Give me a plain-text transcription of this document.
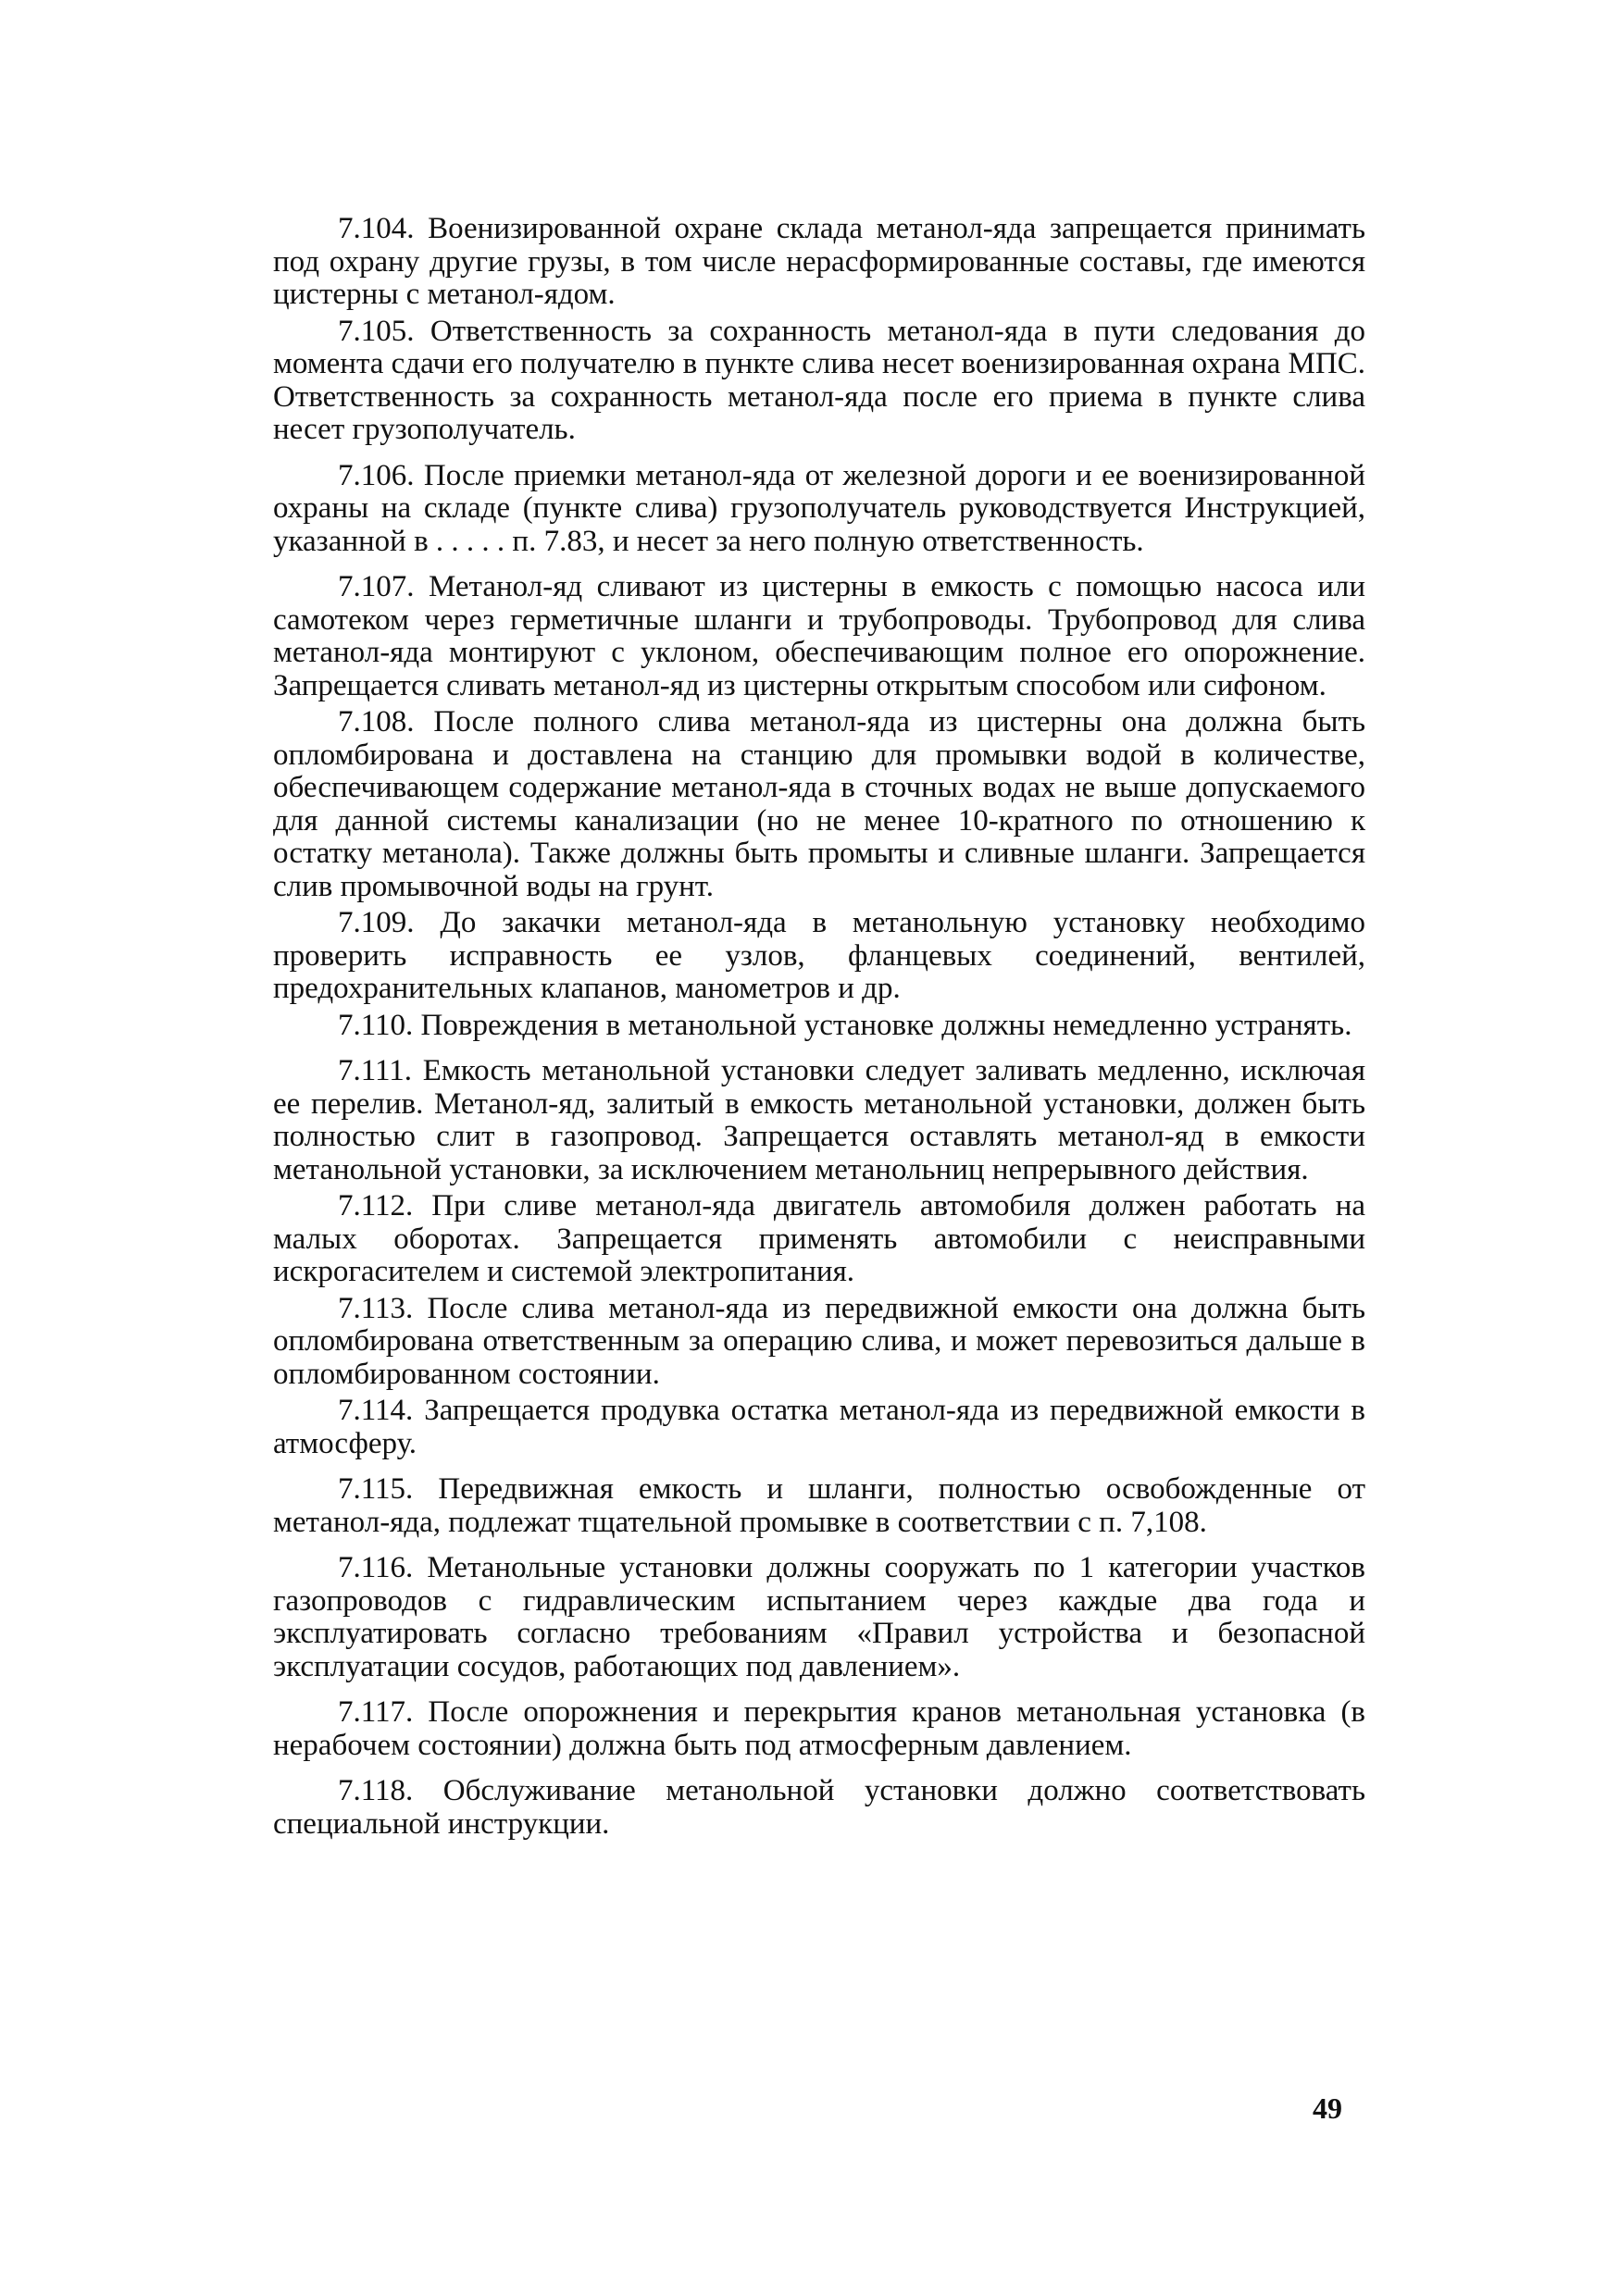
7.104. Военизированной охране склада метанол-яда запрещается принимать под охрану другие грузы, в том числе нерасформированные составы, где имеются цистерны с метанол-ядом.

7.105. Ответственность за сохранность метанол-яда в пути следования до момента сдачи его получателю в пункте слива несет военизированная охрана МПС. Ответственность за сохранность метанол-яда после его приема в пункте слива несет грузополучатель.

7.106. После приемки метанол-яда от железной дороги и ее военизированной охраны на складе (пункте слива) грузополучатель руководствуется Инструкцией, указанной в . . . . . п. 7.83, и несет за него полную ответственность.

7.107. Метанол-яд сливают из цистерны в емкость с помощью насоса или самотеком через герметичные шланги и трубопроводы. Трубопровод для слива метанол-яда монтируют с уклоном, обеспечивающим полное его опорожнение. Запрещается сливать метанол-яд из цистерны открытым способом или сифоном.

7.108. После полного слива метанол-яда из цистерны она должна быть опломбирована и доставлена на станцию для промывки водой в количестве, обеспечивающем содержание метанол-яда в сточных водах не выше допускаемого для данной системы канализации (но не менее 10-кратного по отношению к остатку метанола). Также должны быть промыты и сливные шланги. Запрещается слив промывочной воды на грунт.

7.109. До закачки метанол-яда в метанольную установку необходимо проверить исправность ее узлов, фланцевых соединений, вентилей, предохранительных клапанов, манометров и др.

7.110. Повреждения в метанольной установке должны немедленно устранять.

7.111. Емкость метанольной установки следует заливать медленно, исключая ее перелив. Метанол-яд, залитый в емкость метанольной установки, должен быть полностью слит в газопровод. Запрещается оставлять метанол-яд в емкости метанольной установки, за исключением метанольниц непрерывного действия.

7.112. При сливе метанол-яда двигатель автомобиля должен работать на малых оборотах. Запрещается применять автомобили с неисправными искрогасителем и системой электропитания.

7.113. После слива метанол-яда из передвижной емкости она должна быть опломбирована ответственным за операцию слива, и может перевозиться дальше в опломбированном состоянии.

7.114. Запрещается продувка остатка метанол-яда из передвижной емкости в атмосферу.

7.115. Передвижная емкость и шланги, полностью освобожденные от метанол-яда, подлежат тщательной промывке в соответствии с п. 7,108.

7.116. Метанольные установки должны сооружать по 1 категории участков газопроводов с гидравлическим испытанием через каждые два года и эксплуатировать согласно требованиям «Правил устройства и безопасной эксплуатации сосудов, работающих под давлением».

7.117. После опорожнения и перекрытия кранов метанольная установка (в нерабочем состоянии) должна быть под атмосферным давлением.

7.118. Обслуживание метанольной установки должно соответствовать специальной инструкции.

49
